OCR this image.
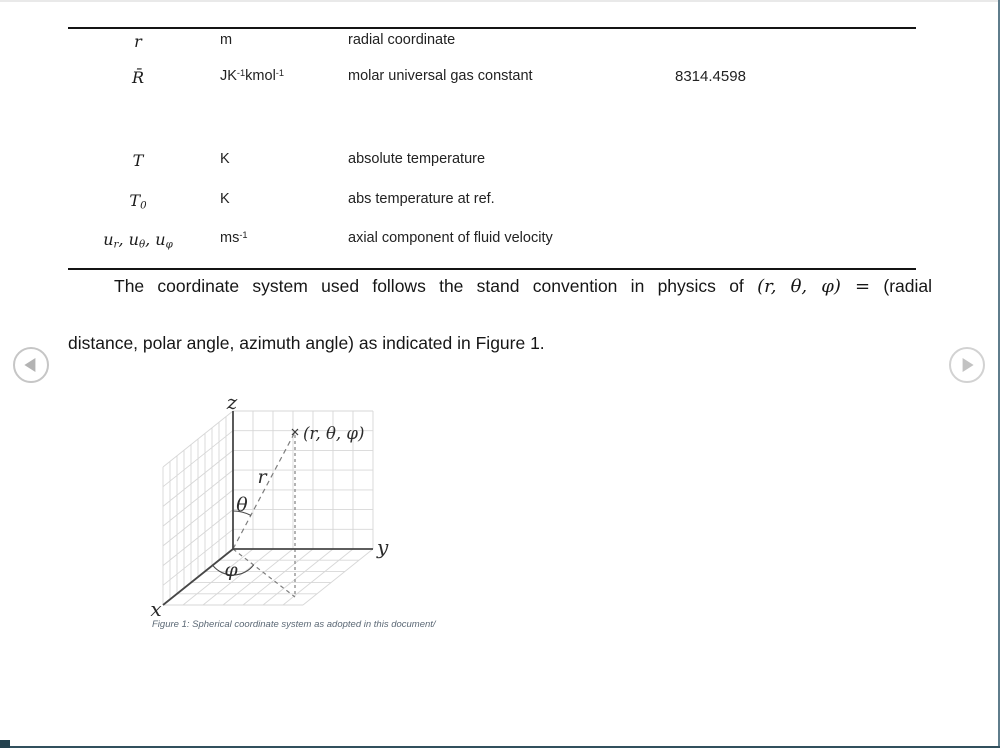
r	m	radial coordinate
R̄	$JK^{-1}kmol^{-1}$	molar universal gas constant	8314.4598
T	K	absolute temperature
$T_0$	K	abs temperature at ref.
$u_r$, $u_\theta$, $u_\varphi$	$ms^{-1}$	axial component of fluid velocity
The coordinate system used follows the stand convention in physics of (r, θ, φ) = (radial
distance, polar angle, azimuth angle) as indicated in Figure 1.
z
y
x
r
θ
φ
(r, θ, φ)
Figure 1: Spherical coordinate system as adopted in this document/
